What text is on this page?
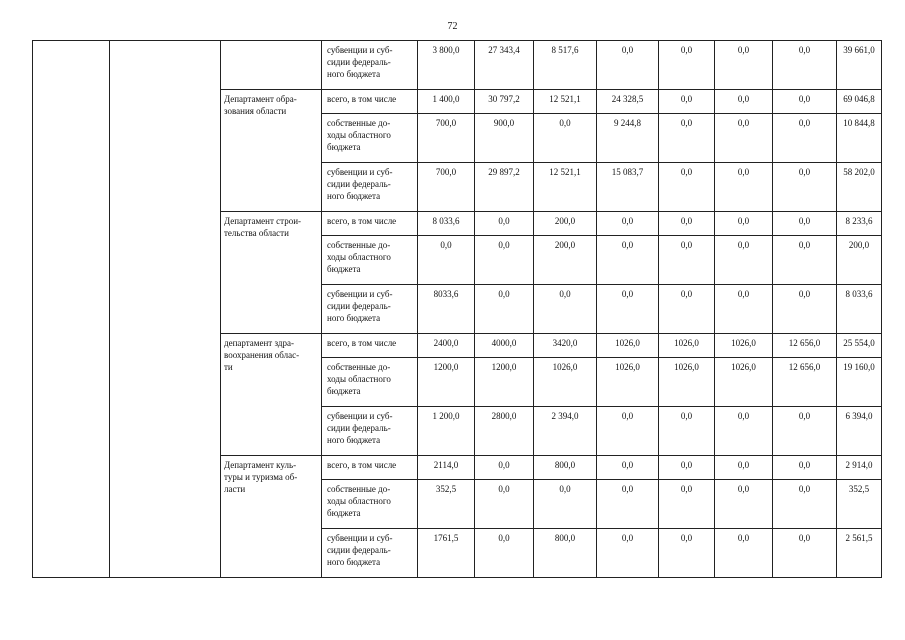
72
			субвенции и суб-
сидии федераль-
ного бюджета	3 800,0	27 343,4	8 517,6	0,0	0,0	0,0	0,0	39 661,0
		Департамент обра-
зования области	всего, в том числе	1 400,0	30 797,2	12 521,1	24 328,5	0,0	0,0	0,0	69 046,8
			собственные до-
ходы областного
бюджета	700,0	900,0	0,0	9 244,8	0,0	0,0	0,0	10 844,8
			субвенции и суб-
сидии федераль-
ного бюджета	700,0	29 897,2	12 521,1	15 083,7	0,0	0,0	0,0	58 202,0
		Департамент строи-
тельства области	всего, в том числе	8 033,6	0,0	200,0	0,0	0,0	0,0	0,0	8 233,6
			собственные до-
ходы областного
бюджета	0,0	0,0	200,0	0,0	0,0	0,0	0,0	200,0
			субвенции и суб-
сидии федераль-
ного бюджета	8033,6	0,0	0,0	0,0	0,0	0,0	0,0	8 033,6
		департамент здра-
воохранения облас-
ти	всего, в том числе	2400,0	4000,0	3420,0	1026,0	1026,0	1026,0	12 656,0	25 554,0
			собственные до-
ходы областного
бюджета	1200,0	1200,0	1026,0	1026,0	1026,0	1026,0	12 656,0	19 160,0
			субвенции и суб-
сидии федераль-
ного бюджета	1 200,0	2800,0	2 394,0	0,0	0,0	0,0	0,0	6 394,0
		Департамент куль-
туры и туризма об-
ласти	всего, в том числе	2114,0	0,0	800,0	0,0	0,0	0,0	0,0	2 914,0
			собственные до-
ходы областного
бюджета	352,5	0,0	0,0	0,0	0,0	0,0	0,0	352,5
			субвенции и суб-
сидии федераль-
ного бюджета	1761,5	0,0	800,0	0,0	0,0	0,0	0,0	2 561,5
